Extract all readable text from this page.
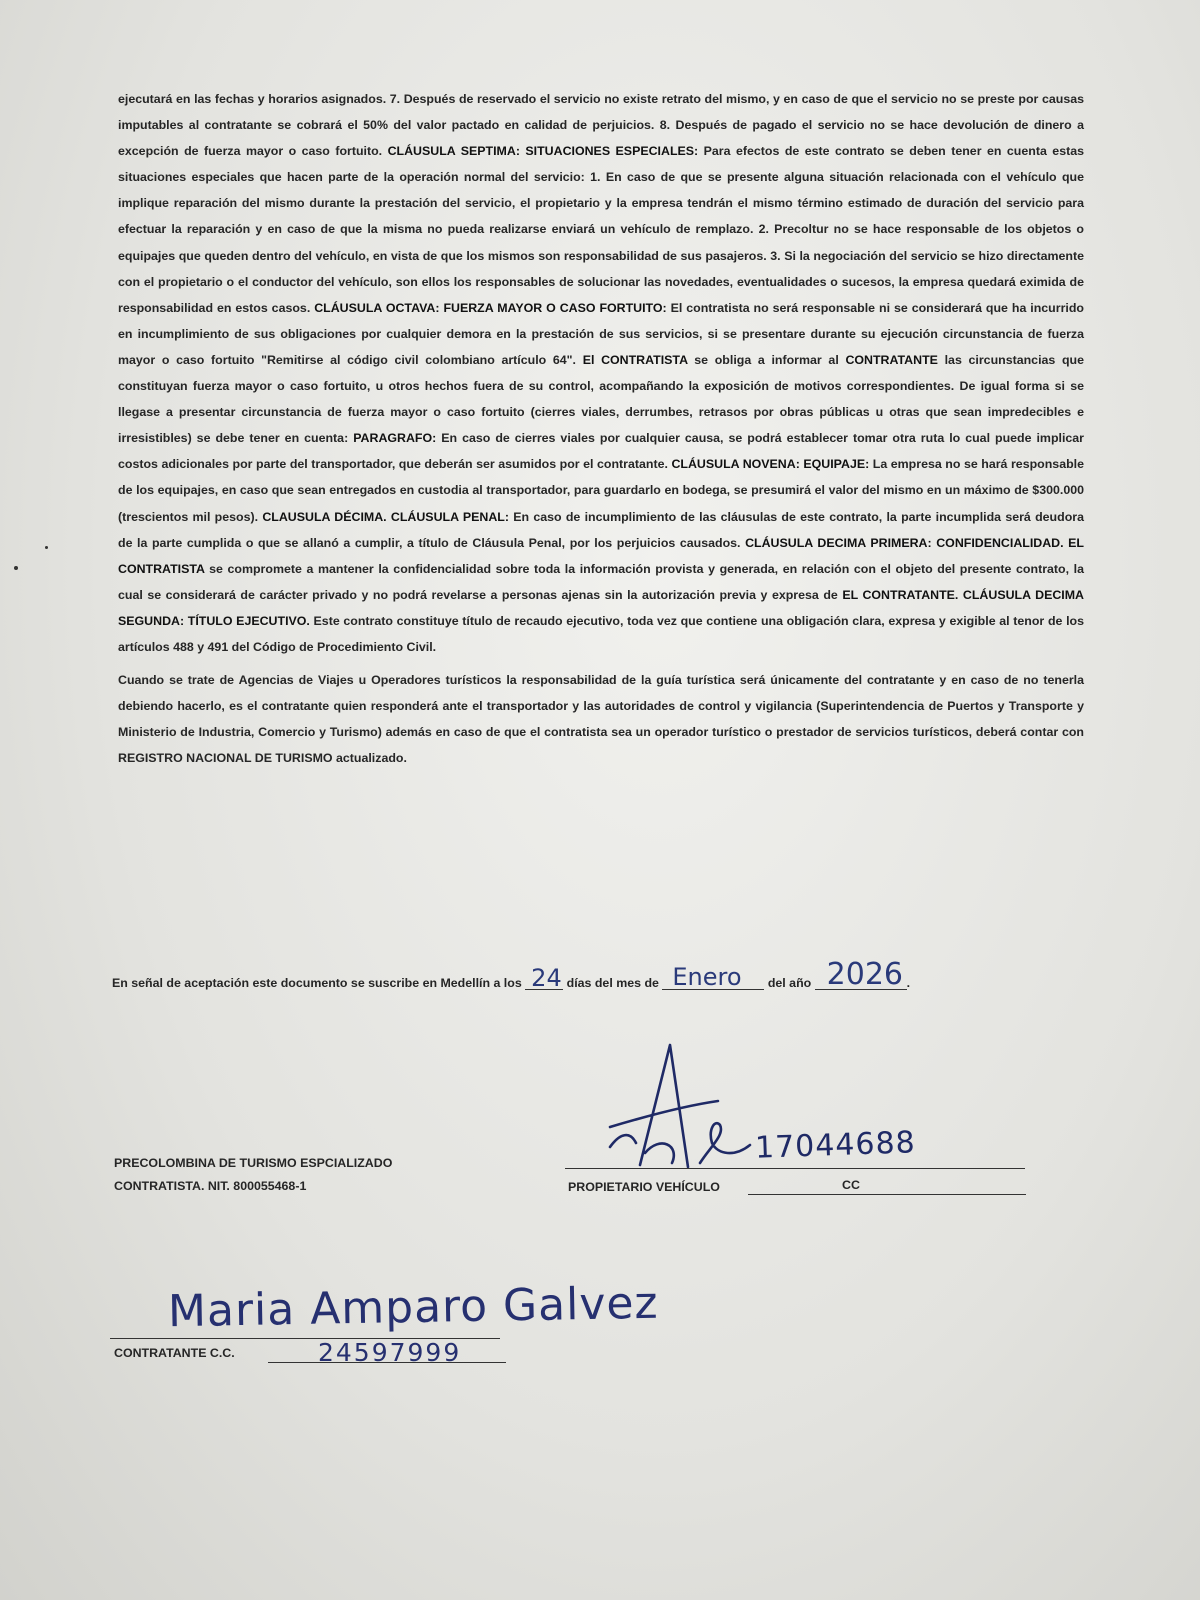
ejecutará en las fechas y horarios asignados. 7. Después de reservado el servicio no existe retrato del mismo, y en caso de que el servicio no se preste por causas imputables al contratante se cobrará el 50% del valor pactado en calidad de perjuicios. 8. Después de pagado el servicio no se hace devolución de dinero a excepción de fuerza mayor o caso fortuito. CLÁUSULA SEPTIMA: SITUACIONES ESPECIALES: Para efectos de este contrato se deben tener en cuenta estas situaciones especiales que hacen parte de la operación normal del servicio: 1. En caso de que se presente alguna situación relacionada con el vehículo que implique reparación del mismo durante la prestación del servicio, el propietario y la empresa tendrán el mismo término estimado de duración del servicio para efectuar la reparación y en caso de que la misma no pueda realizarse enviará un vehículo de remplazo. 2. Precoltur no se hace responsable de los objetos o equipajes que queden dentro del vehículo, en vista de que los mismos son responsabilidad de sus pasajeros. 3. Si la negociación del servicio se hizo directamente con el propietario o el conductor del vehículo, son ellos los responsables de solucionar las novedades, eventualidades o sucesos, la empresa quedará eximida de responsabilidad en estos casos. CLÁUSULA OCTAVA: FUERZA MAYOR O CASO FORTUITO: El contratista no será responsable ni se considerará que ha incurrido en incumplimiento de sus obligaciones por cualquier demora en la prestación de sus servicios, si se presentare durante su ejecución circunstancia de fuerza mayor o caso fortuito "Remitirse al código civil colombiano artículo 64". El CONTRATISTA se obliga a informar al CONTRATANTE las circunstancias que constituyan fuerza mayor o caso fortuito, u otros hechos fuera de su control, acompañando la exposición de motivos correspondientes. De igual forma si se llegase a presentar circunstancia de fuerza mayor o caso fortuito (cierres viales, derrumbes, retrasos por obras públicas u otras que sean impredecibles e irresistibles) se debe tener en cuenta: PARAGRAFO: En caso de cierres viales por cualquier causa, se podrá establecer tomar otra ruta lo cual puede implicar costos adicionales por parte del transportador, que deberán ser asumidos por el contratante. CLÁUSULA NOVENA: EQUIPAJE: La empresa no se hará responsable de los equipajes, en caso que sean entregados en custodia al transportador, para guardarlo en bodega, se presumirá el valor del mismo en un máximo de $300.000 (trescientos mil pesos). CLAUSULA DÉCIMA. CLÁUSULA PENAL: En caso de incumplimiento de las cláusulas de este contrato, la parte incumplida será deudora de la parte cumplida o que se allanó a cumplir, a título de Cláusula Penal, por los perjuicios causados. CLÁUSULA DECIMA PRIMERA: CONFIDENCIALIDAD. EL CONTRATISTA se compromete a mantener la confidencialidad sobre toda la información provista y generada, en relación con el objeto del presente contrato, la cual se considerará de carácter privado y no podrá revelarse a personas ajenas sin la autorización previa y expresa de EL CONTRATANTE. CLÁUSULA DECIMA SEGUNDA: TÍTULO EJECUTIVO. Este contrato constituye título de recaudo ejecutivo, toda vez que contiene una obligación clara, expresa y exigible al tenor de los artículos 488 y 491 del Código de Procedimiento Civil.

Cuando se trate de Agencias de Viajes u Operadores turísticos la responsabilidad de la guía turística será únicamente del contratante y en caso de no tenerla debiendo hacerlo, es el contratante quien responderá ante el transportador y las autoridades de control y vigilancia (Superintendencia de Puertos y Transporte y Ministerio de Industria, Comercio y Turismo) además en caso de que el contratista sea un operador turístico o prestador de servicios turísticos, deberá contar con REGISTRO NACIONAL DE TURISMO actualizado.

En señal de aceptación este documento se suscribe en Medellín a los 24 días del mes de Enero del año 2026 .
PRECOLOMBINA DE TURISMO ESPCIALIZADO
CONTRATISTA. NIT. 800055468-1
17044688
PROPIETARIO VEHÍCULO	CC
Maria Amparo Galvez
CONTRATANTE C.C.	24597999
